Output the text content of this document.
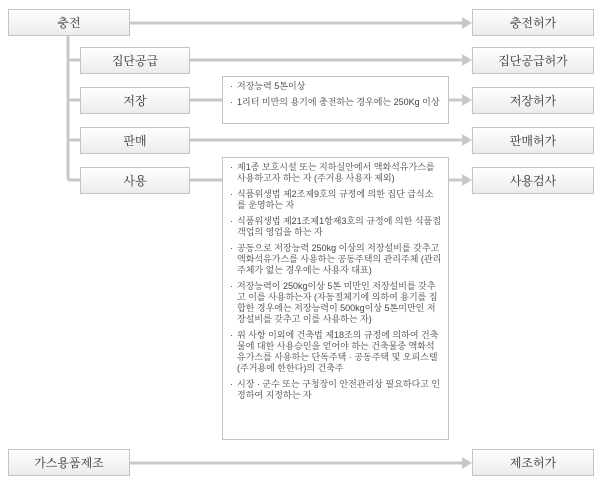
충전
집단공급
저장
판매
사용
가스용품제조
충전허가
집단공급허가
저장허가
판매허가
사용검사
제조허가
· 저장능력 5톤이상
· 1리터 미만의 용기에 충전하는 경우에는 250Kg 이상
· 제1종 보호시설 또는 지하실안에서 액화석유가스를 사용하고자 하는 자 (주거용 사용자 제외)
· 식품위생법 제2조제9호의 규정에 의한 집단 급식소를 운영하는 자
· 식품위생법 제21조제1항제3호의 규정에 의한 식품접객업의 영업을 하는 자
· 공동으로 저장능력 250kg 이상의 저장설비를 갖추고 액화석유가스를 사용하는 공동주택의 관리주체 (관리주체가 없는 경우에는 사용자 대표)
· 저장능력이 250kg이상 5톤 미만인 저장설비를 갖추고 이를 사용하는자 (자동절체기에 의하여 용기를 집합한 경우에는 저장능력이 500kg이상 5톤미만인 저장설비를 갖추고 이를 사용하는 자)
· 위 사항 이외에 건축법 제18조의 규정에 의하여 건축물에 대한 사용승인을 얻어야 하는 건축물중 액화석유가스를 사용하는 단독주택 · 공동주택 및 오피스텔(주거용에 한한다)의 건축주
· 시장 · 군수 또는 구청장이 안전관리상 필요하다고 인정하여 지정하는 자
